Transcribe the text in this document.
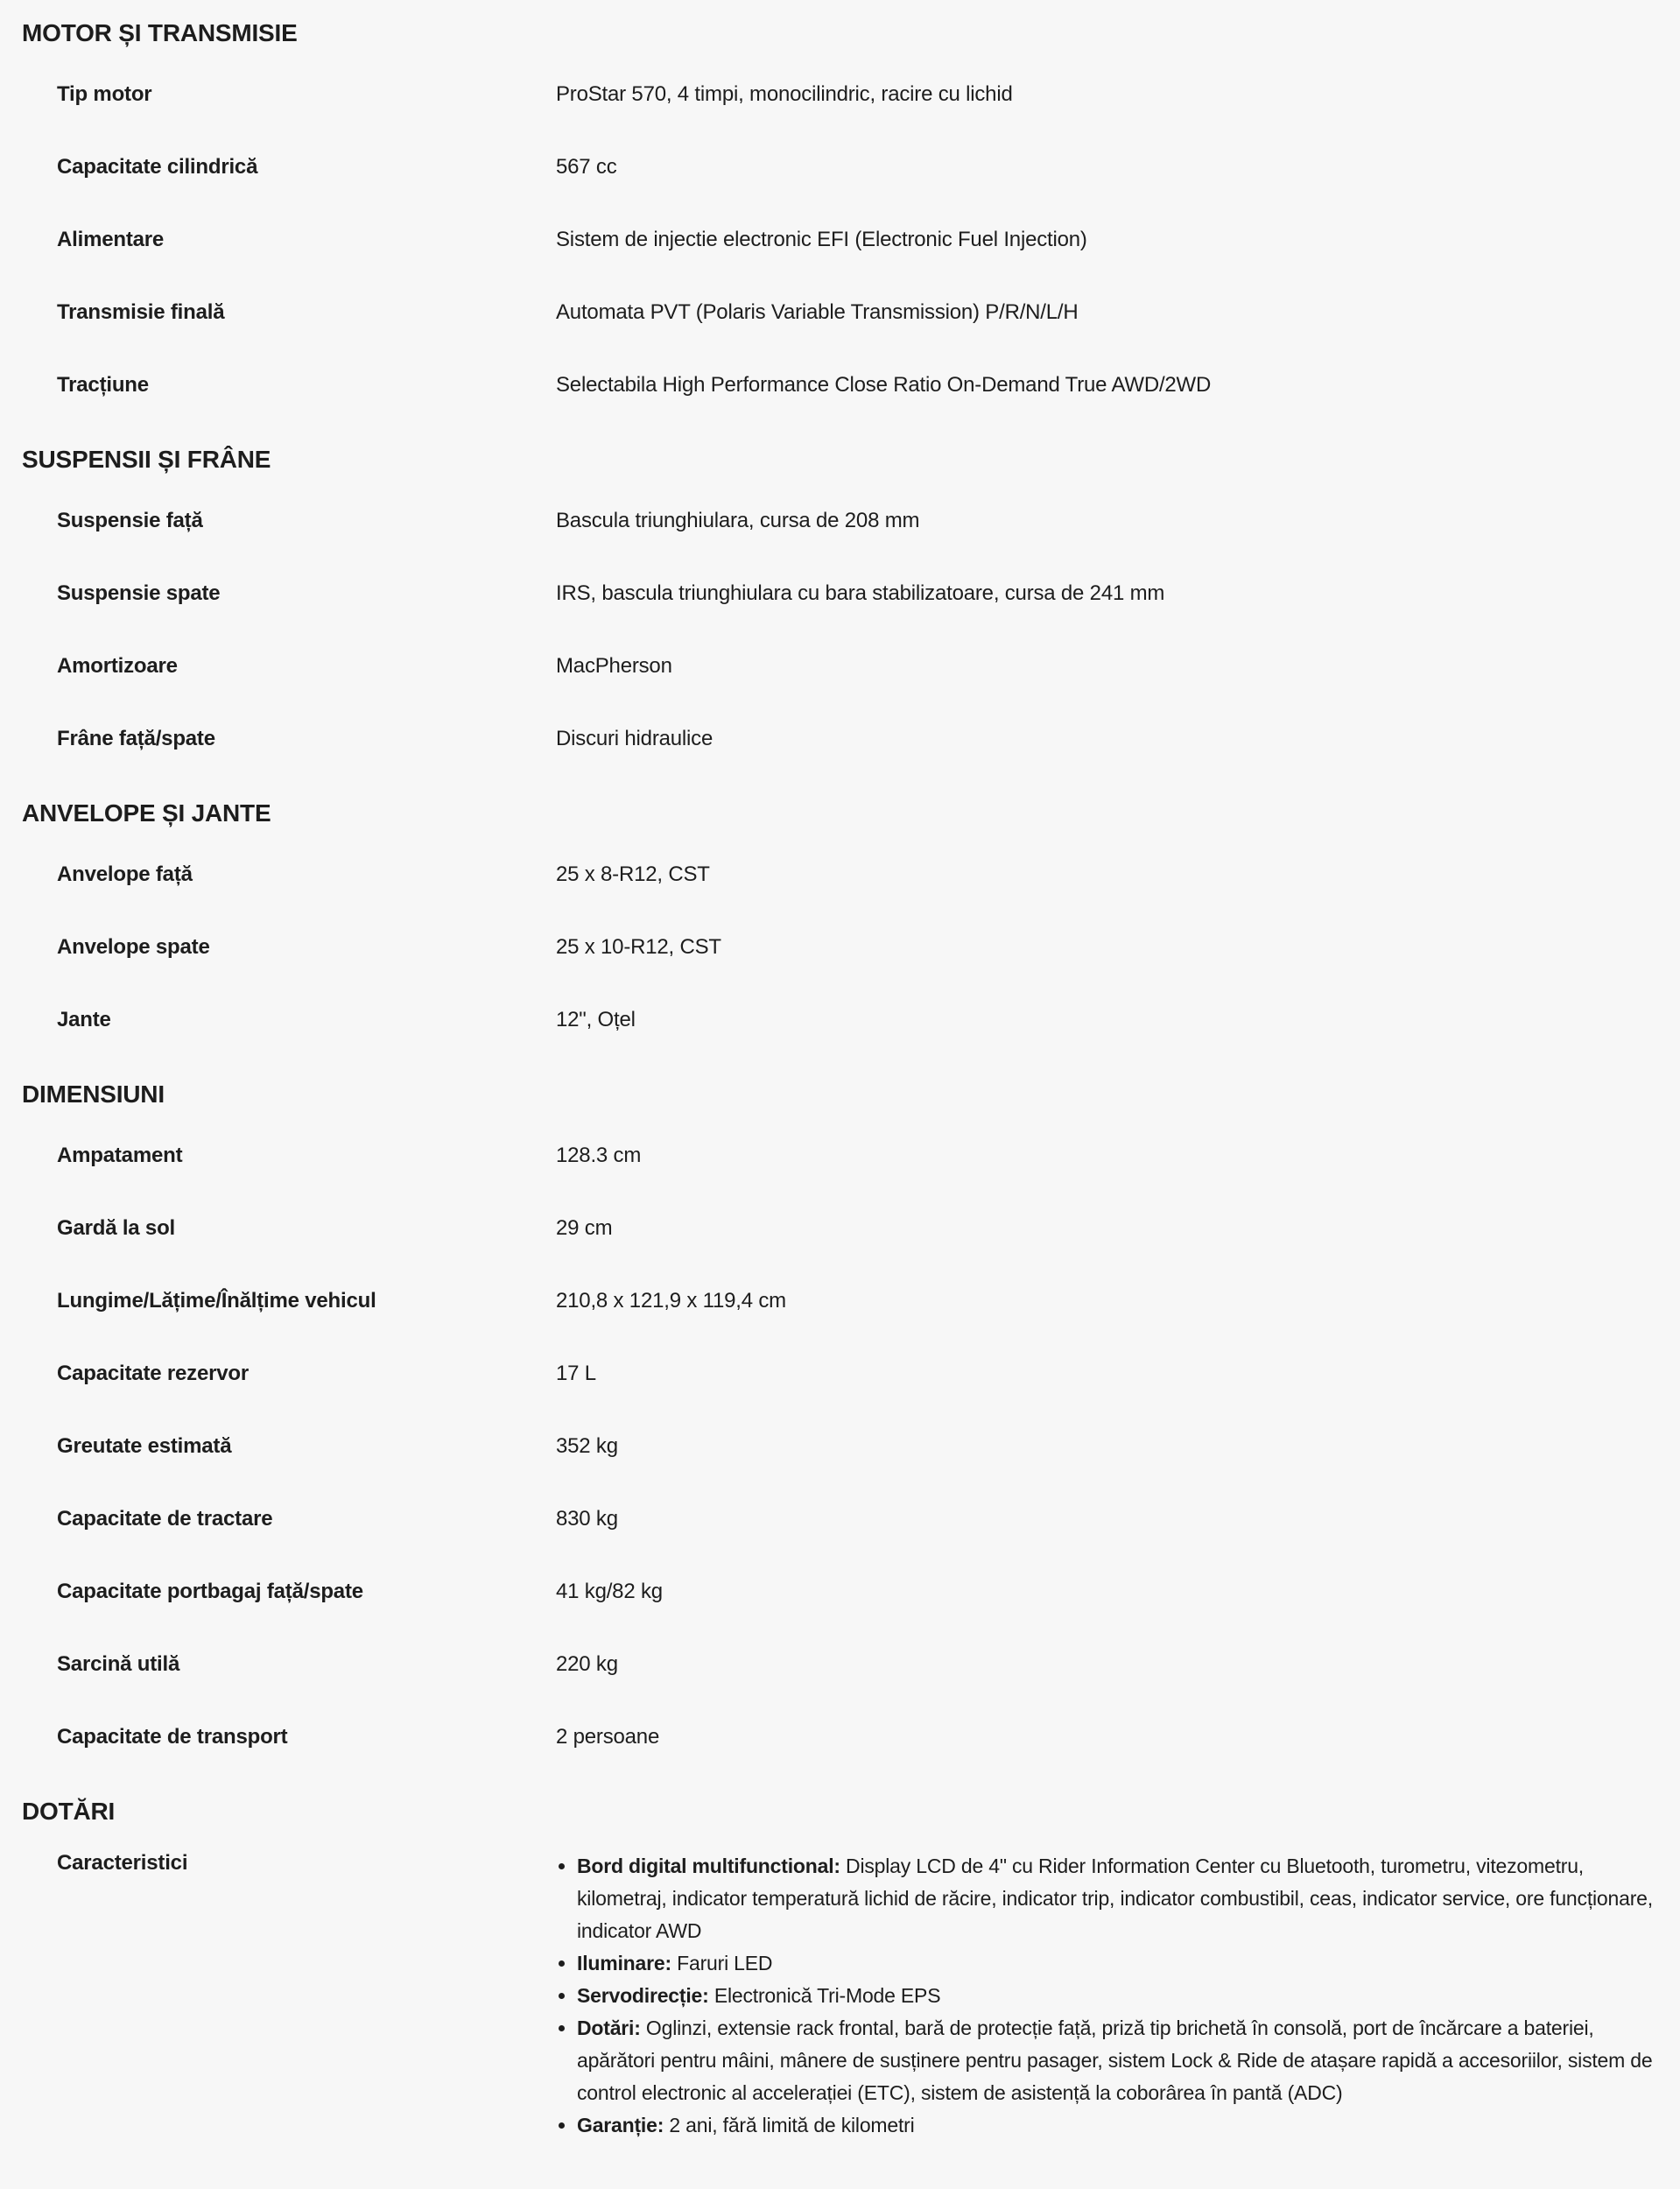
MOTOR ȘI TRANSMISIE
Tip motor	ProStar 570, 4 timpi, monocilindric, racire cu lichid
Capacitate cilindrică	567 cc
Alimentare	Sistem de injectie electronic EFI (Electronic Fuel Injection)
Transmisie finală	Automata PVT (Polaris Variable Transmission) P/R/N/L/H
Tracțiune	Selectabila High Performance Close Ratio On-Demand True AWD/2WD
SUSPENSII ȘI FRÂNE
Suspensie față	Bascula triunghiulara, cursa de 208 mm
Suspensie spate	IRS, bascula triunghiulara cu bara stabilizatoare, cursa de 241 mm
Amortizoare	MacPherson
Frâne față/spate	Discuri hidraulice
ANVELOPE ȘI JANTE
Anvelope față	25 x 8-R12, CST
Anvelope spate	25 x 10-R12, CST
Jante	12", Oțel
DIMENSIUNI
Ampatament	128.3 cm
Gardă la sol	29 cm
Lungime/Lățime/Înălțime vehicul	210,8 x 121,9 x 119,4 cm
Capacitate rezervor	17 L
Greutate estimată	352 kg
Capacitate de tractare	830 kg
Capacitate portbagaj față/spate	41 kg/82 kg
Sarcină utilă	220 kg
Capacitate de transport	2 persoane
DOTĂRI
Caracteristici	• Bord digital multifunctional: Display LCD de 4" cu Rider Information Center cu Bluetooth, turometru, vitezometru, kilometraj, indicator temperatură lichid de răcire, indicator trip, indicator combustibil, ceas, indicator service, ore funcționare, indicator AWD
• Iluminare: Faruri LED
• Servodirecție: Electronică Tri-Mode EPS
• Dotări: Oglinzi, extensie rack frontal, bară de protecție față, priză tip brichetă în consolă, port de încărcare a bateriei, apărători pentru mâini, mânere de susținere pentru pasager, sistem Lock & Ride de atașare rapidă a accesoriilor, sistem de control electronic al accelerației (ETC), sistem de asistență la coborârea în pantă (ADC)
• Garanție: 2 ani, fără limită de kilometri
